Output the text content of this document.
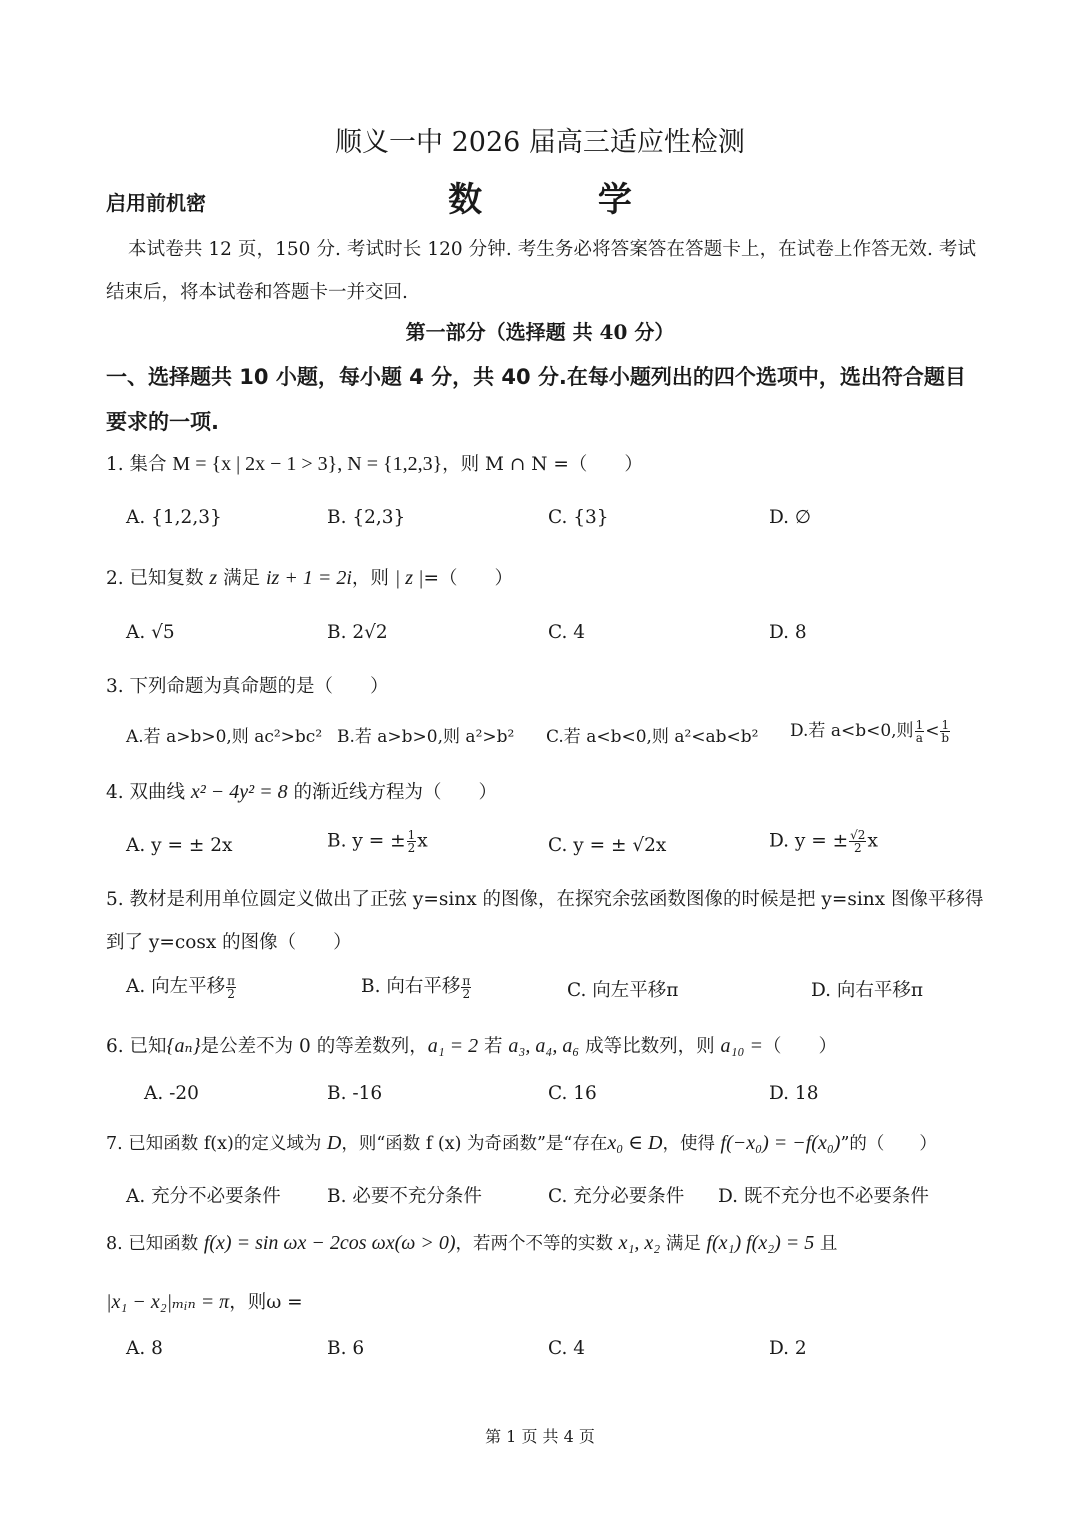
顺义一中 2026 届高三适应性检测
启用前机密	数 学
本试卷共 12 页，150 分. 考试时长 120 分钟. 考生务必将答案答在答题卡上，在试卷上作答无效. 考试结束后，将本试卷和答题卡一并交回.
第一部分（选择题 共 40 分）
一、选择题共 10 小题，每小题 4 分，共 40 分.在每小题列出的四个选项中，选出符合题目要求的一项.
1. 集合 M = {x | 2x − 1 > 3}, N = {1,2,3}，则 M ∩ N =（　　）
A. {1,2,3}	B. {2,3}	C. {3}	D. ∅
2. 已知复数 z 满足 iz + 1 = 2i，则 | z |=（　　）
A. √5	B. 2√2	C. 4	D. 8
3. 下列命题为真命题的是（　　）
A.若 a>b>0,则 ac²>bc² B.若 a>b>0,则 a²>b² C.若 a<b<0,则 a²<ab<b² D.若 a<b<0,则 $\frac{1}{a} < \frac{1}{b}$
4. 双曲线 x² − 4y² = 8 的渐近线方程为（　　）
A. y = ± 2x	B. y = ± $\frac{1}{2}$ x	C. y = ± √2x	D. y = ± $\frac{√2}{2}$ x
5. 教材是利用单位圆定义做出了正弦 y=sinx 的图像，在探究余弦函数图像的时候是把 y=sinx 图像平移得
到了 y=cosx 的图像（　　）
A. 向左平移 $\frac{\pi}{2}$	B. 向右平移 $\frac{\pi}{2}$	C. 向左平移π	D. 向右平移π
6. 已知{aₙ}是公差不为 0 的等差数列，a₁ = 2 若 a₃, a₄, a₆ 成等比数列，则 a₁₀ =（　　）
A. -20	B. -16	C. 16	D. 18
7. 已知函数 f(x)的定义域为 D，则“函数 f (x) 为奇函数”是“存在x₀ ∈ D，使得 f(−x₀) = −f(x₀)”的（　　）
A. 充分不必要条件	B. 必要不充分条件	C. 充分必要条件 D. 既不充分也不必要条件
8. 已知函数 f(x) = sin ωx − 2cos ωx(ω > 0)，若两个不等的实数 x₁, x₂ 满足 f(x₁) f(x₂) = 5 且
|x₁ − x₂|ₘᵢₙ = π，则ω =
A. 8	B. 6	C. 4	D. 2
第 1 页 共 4 页
